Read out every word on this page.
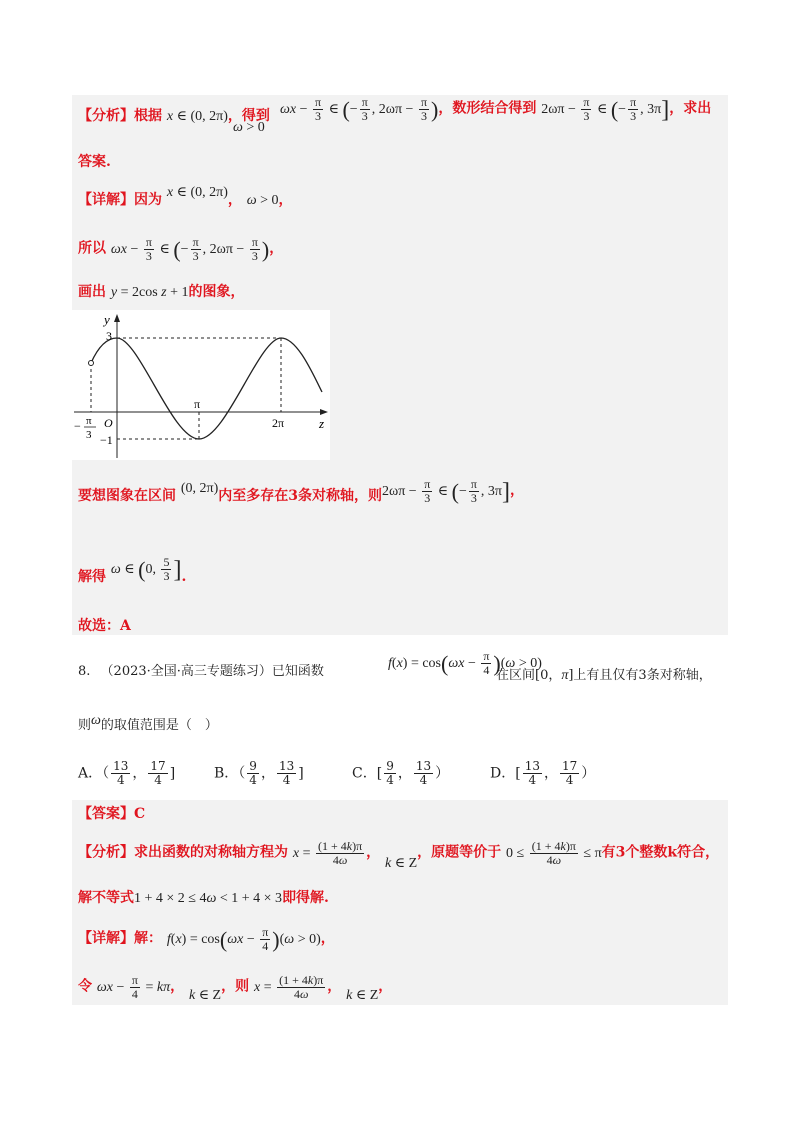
【分析】根据 x ∈ (0, 2π)，得到
ω > 0
$\omega x - \frac{\pi}{3}$ ∈ (− $\frac{\pi}{3}$ , $2\omega\pi - \frac{\pi}{3}$ )，数形结合得到 $2\omega\pi - \frac{\pi}{3}$ ∈ (− $\frac{\pi}{3}$ , 3π]，求出
答案.
【详解】因为 x ∈ (0, 2π)， ω > 0，
所以 $\omega x - \frac{\pi}{3}$ ∈ (− $\frac{\pi}{3}$ , $2\omega\pi - \frac{\pi}{3}$ )，
画出 y = 2cos z + 1的图象，
y
z
3
−1
O
π
2π
− π
3
要想图象在区间 (0, 2π)内至多存在3条对称轴，则 $2\omega\pi - \frac{\pi}{3}$ ∈ (− $\frac{\pi}{3}$ , 3π]，
解得 ω ∈ (0, $\frac{5}{3}$ ].
故选：A
8. （2023·全国·高三专题练习）已知函数
$f(x) = \cos(\omega x - \frac{\pi}{4} )(\omega > 0)$
在区间[0，π]上有且仅有3条对称轴，
则ω的取值范围是（　）
A．（ $\frac{13}{4}$ ， $\frac{17}{4}$ ]	B．（ $\frac{9}{4}$ ， $\frac{13}{4}$ ]	C．[ $\frac{9}{4}$ ， $\frac{13}{4}$ ）	D．[ $\frac{13}{4}$ ， $\frac{17}{4}$ ）
【答案】C
【分析】求出函数的对称轴方程为 $x = \frac{(1 + 4k)\pi}{4\omega}$ ， k ∈ Z，原题等价于 $0 \le \frac{(1 + 4k)\pi}{4\omega} \le \pi$有3个整数k符合，
解不等式1 + 4 × 2 ≤ 4ω < 1 + 4 × 3即得解.
【详解】解： $f(x) = \cos(\omega x - \frac{\pi}{4} )(\omega > 0)$，
令 $\omega x - \frac{\pi}{4} = k\pi$， k ∈ Z，则 $x = \frac{(1 + 4k)\pi}{4\omega}$ ， k ∈ Z，
